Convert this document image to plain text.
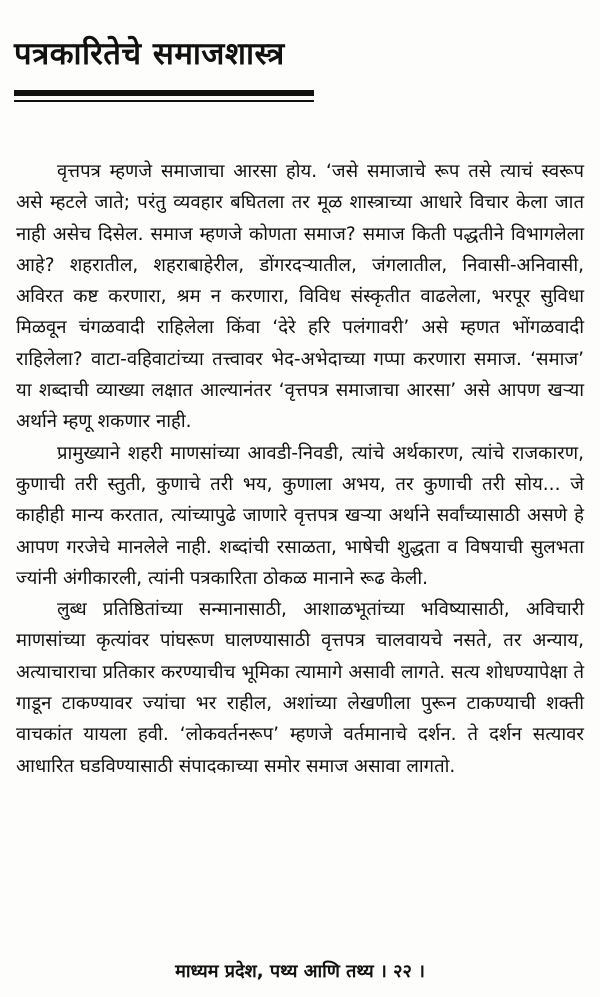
पत्रकारितेचे समाजशास्त्र

वृत्तपत्र म्हणजे समाजाचा आरसा होय. ‘जसे समाजाचे रूप तसे त्याचं स्वरूप असे म्हटले जाते; परंतु व्यवहार बघितला तर मूळ शास्त्राच्या आधारे विचार केला जात नाही असेच दिसेल. समाज म्हणजे कोणता समाज? समाज किती पद्धतीने विभागलेला आहे? शहरातील, शहराबाहेरील, डोंगरदऱ्यातील, जंगलातील, निवासी-अनिवासी, अविरत कष्ट करणारा, श्रम न करणारा, विविध संस्कृतीत वाढलेला, भरपूर सुविधा मिळवून चंगळवादी राहिलेला किंवा ‘देरे हरि पलंगावरी’ असे म्हणत भोंगळवादी राहिलेला? वाटा-वहिवाटांच्या तत्त्वावर भेद-अभेदाच्या गप्पा करणारा समाज. ‘समाज’ या शब्दाची व्याख्या लक्षात आल्यानंतर ‘वृत्तपत्र समाजाचा आरसा’ असे आपण खऱ्या अर्थाने म्हणू शकणार नाही.

प्रामुख्याने शहरी माणसांच्या आवडी-निवडी, त्यांचे अर्थकारण, त्यांचे राजकारण, कुणाची तरी स्तुती, कुणाचे तरी भय, कुणाला अभय, तर कुणाची तरी सोय... जे काहीही मान्य करतात, त्यांच्यापुढे जाणारे वृत्तपत्र खऱ्या अर्थाने सर्वांच्यासाठी असणे हे आपण गरजेचे मानलेले नाही. शब्दांची रसाळता, भाषेची शुद्धता व विषयाची सुलभता ज्यांनी अंगीकारली, त्यांनी पत्रकारिता ठोकळ मानाने रूढ केली.

लुब्ध प्रतिष्ठितांच्या सन्मानासाठी, आशाळभूतांच्या भविष्यासाठी, अविचारी माणसांच्या कृत्यांवर पांघरूण घालण्यासाठी वृत्तपत्र चालवायचे नसते, तर अन्याय, अत्याचाराचा प्रतिकार करण्याचीच भूमिका त्यामागे असावी लागते. सत्य शोधण्यापेक्षा ते गाडून टाकण्यावर ज्यांचा भर राहील, अशांच्या लेखणीला पुरून टाकण्याची शक्ती वाचकांत यायला हवी. ‘लोकवर्तनरूप’ म्हणजे वर्तमानाचे दर्शन. ते दर्शन सत्यावर आधारित घडविण्यासाठी संपादकाच्या समोर समाज असावा लागतो.

माध्यम प्रदेश, पथ्य आणि तथ्य । २२ ।
